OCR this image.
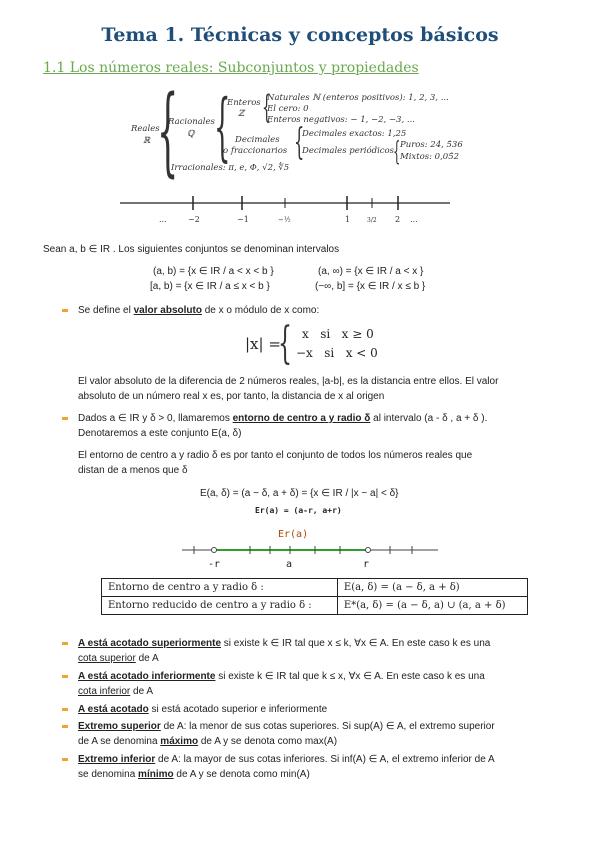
Tema 1. Técnicas y conceptos básicos
1.1 Los números reales: Subconjuntos y propiedades
Reales
ℝ {
Racionales
ℚ {
Enteros
ℤ {
Naturales ℕ (enteros positivos): 1, 2, 3, ...
El cero: 0
Enteros negativos: − 1, −2, −3, ...
Decimales
o fraccionarios {
Decimales exactos: 1,25
Decimales periódicos
{ Puros: 24, 5̂36
Mixtos: 0,05̂2
Irracionales: π, e, Φ, √2, ∜5
...	−2	−1	−½	1	3/2 2 ...
Sean a, b ∈ IR . Los siguientes conjuntos se denominan intervalos
(a, b) = {x ∈ IR / a < x < b }	(a, ∞) = {x ∈ IR / a < x }
[a, b) = {x ∈ IR / a ≤ x < b }	(−∞, b] = {x ∈ IR / x ≤ b }
Se define el valor absoluto de x o módulo de x como:
|x| =
{ x   si   x ≥ 0
−x   si   x < 0
El valor absoluto de la diferencia de 2 números reales, |a-b|, es la distancia entre ellos. El valor
absoluto de un número real x es, por tanto, la distancia de x al origen
Dados a ∈ IR y δ > 0, llamaremos entorno de centro a y radio δ al intervalo (a - δ , a + δ ).
Denotaremos a este conjunto E(a, δ)
El entorno de centro a y radio δ es por tanto el conjunto de todos los números reales que
distan de a menos que δ
E(a, δ) = (a − δ, a + δ) = {x ∈ IR / |x − a| < δ}
Er(a) = (a-r, a+r)
Er(a)
-r	a	r
Entorno de centro a y radio δ :	E(a, δ) = (a − δ, a + δ)
Entorno reducido de centro a y radio δ :	E*(a, δ) = (a − δ, a) ∪ (a, a + δ)
A está acotado superiormente si existe k ∈ IR tal que x ≤ k, ∀x ∈ A. En este caso k es una
cota superior de A
A está acotado inferiormente si existe k ∈ IR tal que k ≤ x, ∀x ∈ A. En este caso k es una
cota inferior de A
A está acotado si está acotado superior e inferiormente
Extremo superior de A: la menor de sus cotas superiores. Si sup(A) ∈ A, el extremo superior
de A se denomina máximo de A y se denota como max(A)
Extremo inferior de A: la mayor de sus cotas inferiores. Si inf(A) ∈ A, el extremo inferior de A
se denomina mínimo de A y se denota como min(A)
